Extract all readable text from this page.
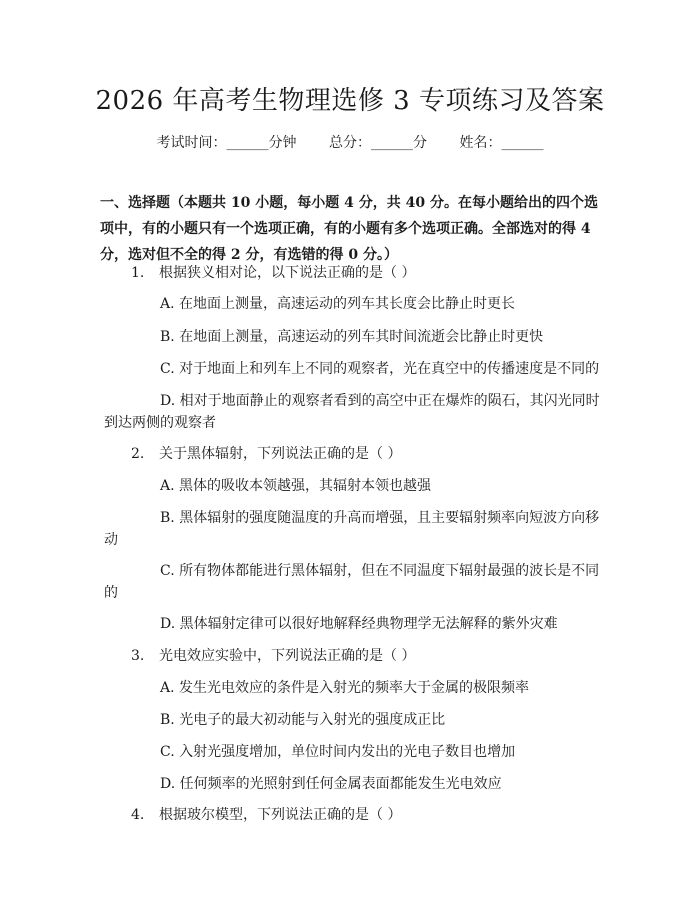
2026 年高考生物理选修 3 专项练习及答案
考试时间：______分钟 总分：______分 姓名：______
一、选择题（本题共 10 小题，每小题 4 分，共 40 分。在每小题给出的四个选项中，有的小题只有一个选项正确，有的小题有多个选项正确。全部选对的得 4 分，选对但不全的得 2 分，有选错的得 0 分。）
1. 根据狭义相对论，以下说法正确的是（ ）
A. 在地面上测量，高速运动的列车其长度会比静止时更长
B. 在地面上测量，高速运动的列车其时间流逝会比静止时更快
C. 对于地面上和列车上不同的观察者，光在真空中的传播速度是不同的
D. 相对于地面静止的观察者看到的高空中正在爆炸的陨石，其闪光同时
到达两侧的观察者
2. 关于黑体辐射，下列说法正确的是（ ）
A. 黑体的吸收本领越强，其辐射本领也越强
B. 黑体辐射的强度随温度的升高而增强，且主要辐射频率向短波方向移
动
C. 所有物体都能进行黑体辐射，但在不同温度下辐射最强的波长是不同
的
D. 黑体辐射定律可以很好地解释经典物理学无法解释的紫外灾难
3. 光电效应实验中，下列说法正确的是（ ）
A. 发生光电效应的条件是入射光的频率大于金属的极限频率
B. 光电子的最大初动能与入射光的强度成正比
C. 入射光强度增加，单位时间内发出的光电子数目也增加
D. 任何频率的光照射到任何金属表面都能发生光电效应
4. 根据玻尔模型，下列说法正确的是（ ）
